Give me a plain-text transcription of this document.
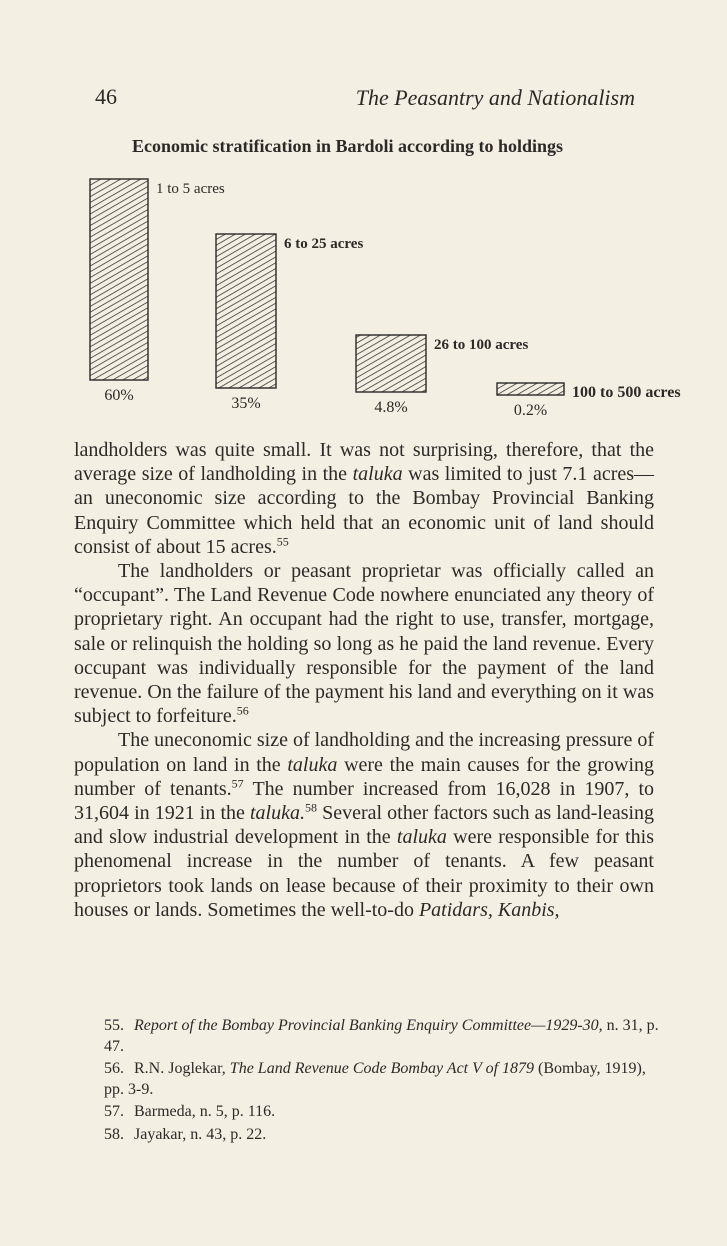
46	The Peasantry and Nationalism
Economic stratification in Bardoli according to holdings
1 to 5 acres
60%
6 to 25 acres
35%
26 to 100 acres
4.8%
100 to 500 acres
0.2%

landholders was quite small. It was not surprising, therefore, that the average size of landholding in the taluka was limited to just 7.1 acres—an uneconomic size according to the Bombay Provincial Banking Enquiry Committee which held that an economic unit of land should consist of about 15 acres.$^{55}$

The landholders or peasant proprietar was officially called an “occupant”. The Land Revenue Code nowhere enunciated any theory of proprietary right. An occupant had the right to use, transfer, mortgage, sale or relinquish the holding so long as he paid the land revenue. Every occupant was individually responsible for the payment of the land revenue. On the failure of the payment his land and everything on it was subject to forfeiture.$^{56}$

The uneconomic size of landholding and the increasing pressure of population on land in the taluka were the main causes for the growing number of tenants.$^{57}$ The number increased from 16,028 in 1907, to 31,604 in 1921 in the taluka.$^{58}$ Several other factors such as land-leasing and slow industrial development in the taluka were responsible for this phenomenal increase in the number of tenants. A few peasant proprietors took lands on lease because of their proximity to their own houses or lands. Sometimes the well-to-do Patidars, Kanbis,

55. Report of the Bombay Provincial Banking Enquiry Committee—1929-30, n. 31, p. 47.
56. R.N. Joglekar, The Land Revenue Code Bombay Act V of 1879 (Bombay, 1919), pp. 3-9.
57. Barmeda, n. 5, p. 116.
58. Jayakar, n. 43, p. 22.
